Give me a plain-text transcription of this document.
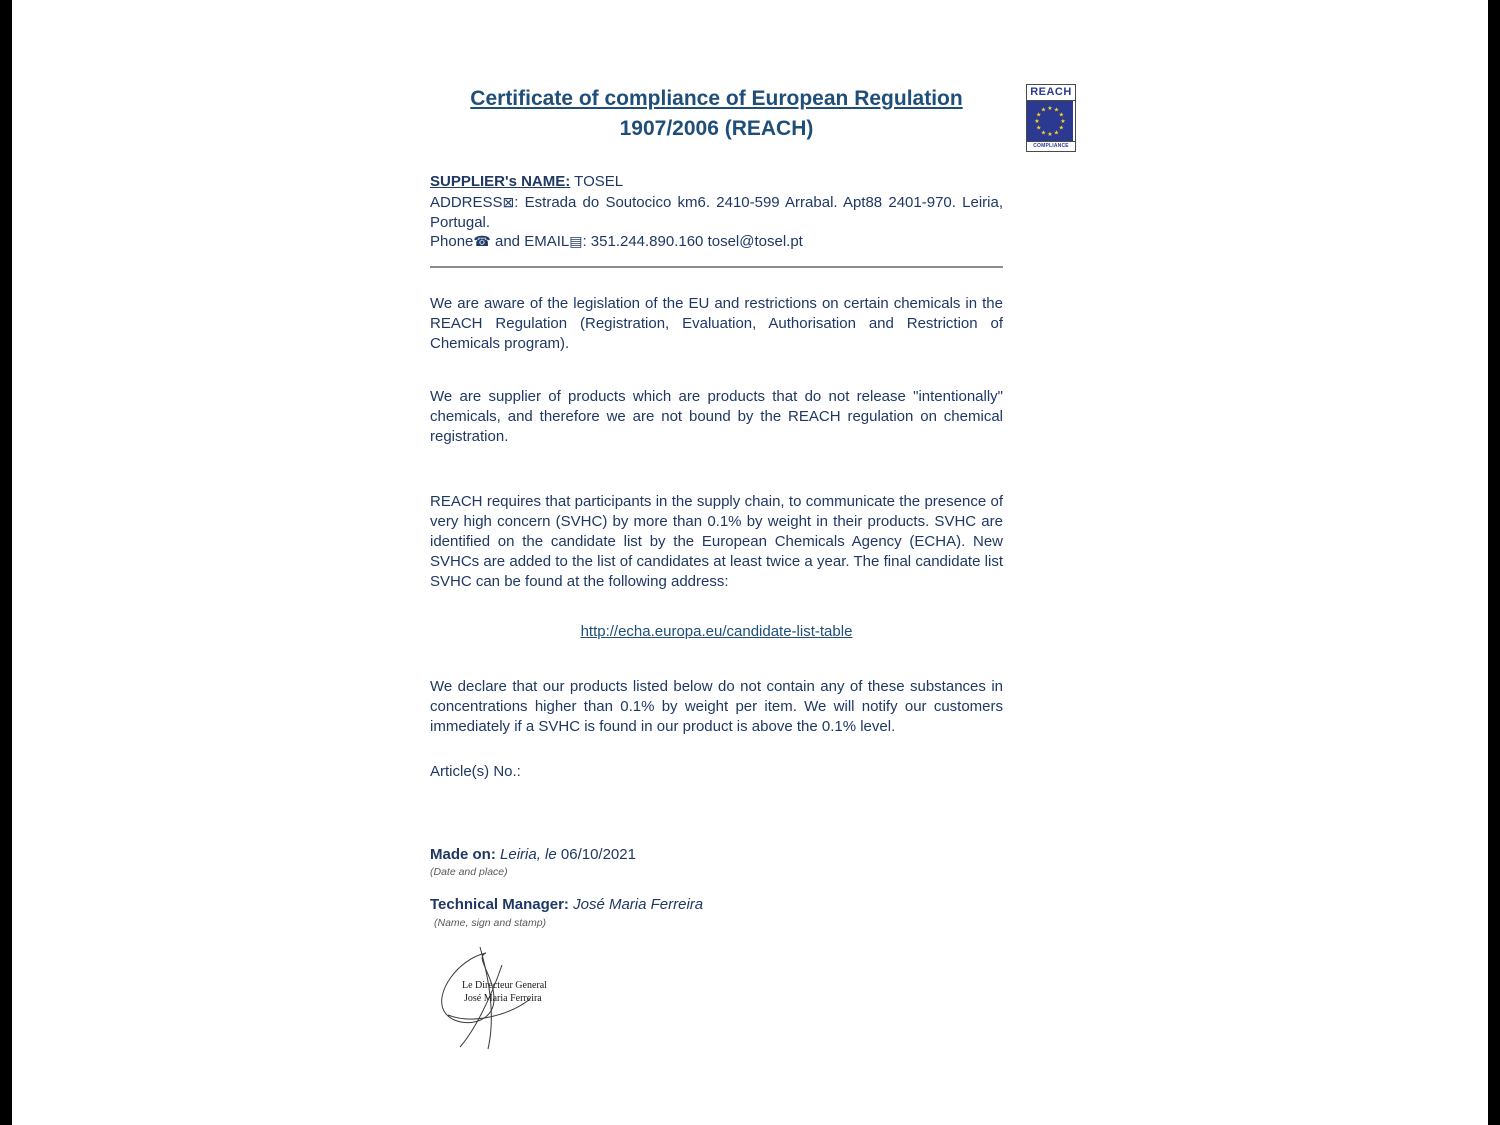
Certificate of compliance of European Regulation
1907/2006 (REACH)
REACH
★ ★
★
★
★
★
★
★
★
★
★
★
COMPLIANCE
SUPPLIER's NAME: TOSEL
ADDRESS⊠: Estrada do Soutocico km6. 2410-599 Arrabal. Apt88 2401-970. Leiria, Portugal.
Phone☎ and EMAIL▤: 351.244.890.160 tosel@tosel.pt
We are aware of the legislation of the EU and restrictions on certain chemicals in the REACH Regulation (Registration, Evaluation, Authorisation and Restriction of Chemicals program).
We are supplier of products which are products that do not release "intentionally" chemicals, and therefore we are not bound by the REACH regulation on chemical registration.
REACH requires that participants in the supply chain, to communicate the presence of very high concern (SVHC) by more than 0.1% by weight in their products. SVHC are identified on the candidate list by the European Chemicals Agency (ECHA). New SVHCs are added to the list of candidates at least twice a year. The final candidate list SVHC can be found at the following address:
http://echa.europa.eu/candidate-list-table
We declare that our products listed below do not contain any of these substances in concentrations higher than 0.1% by weight per item. We will notify our customers immediately if a SVHC is found in our product is above the 0.1% level.
Article(s) No.:
Made on: Leiria, le 06/10/2021
(Date and place)
Technical Manager: José Maria Ferreira
(Name, sign and stamp)
Le Directeur General
José Maria Ferreira
